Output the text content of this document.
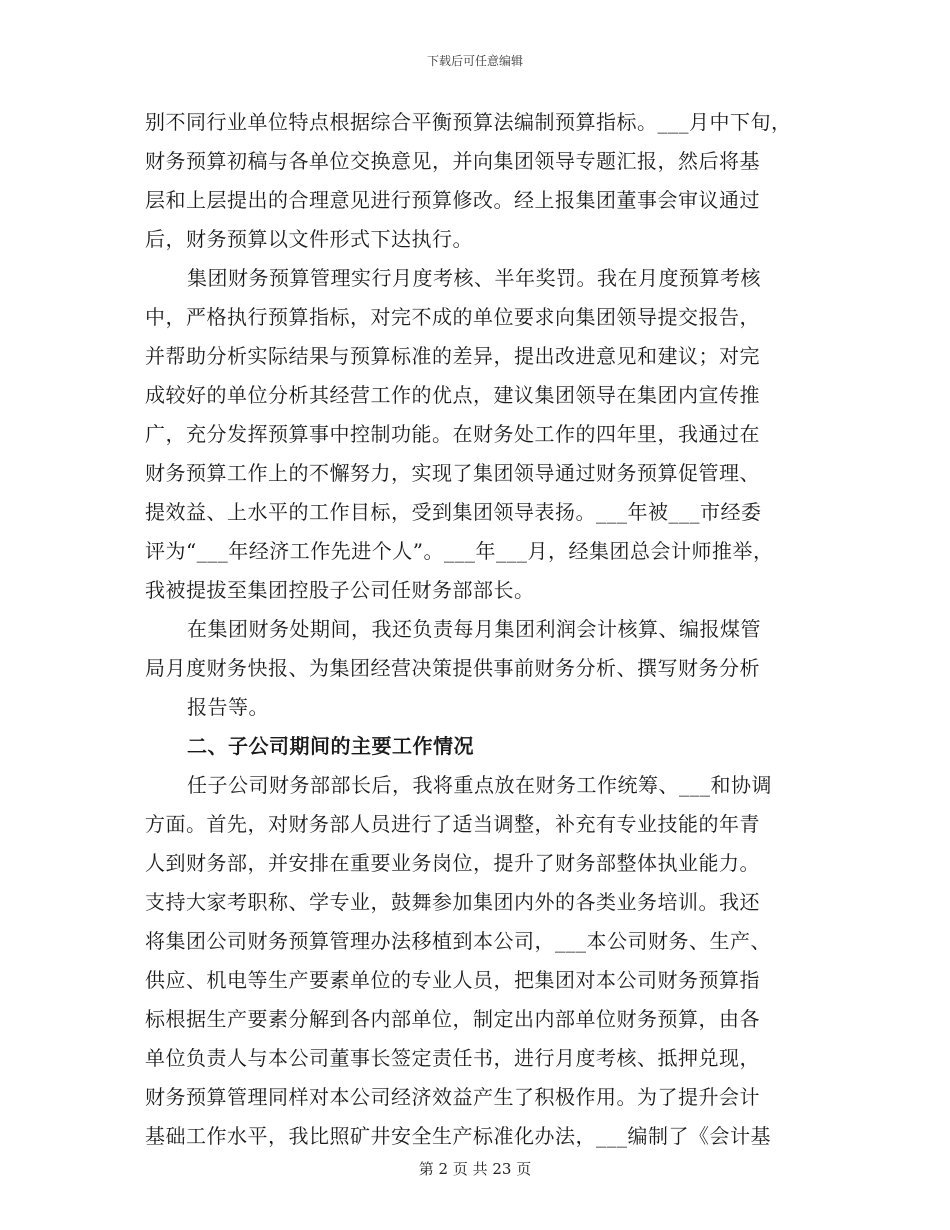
下载后可任意编辑
别不同行业单位特点根据综合平衡预算法编制预算指标。___月中下旬，
财务预算初稿与各单位交换意见，并向集团领导专题汇报，然后将基
层和上层提出的合理意见进行预算修改。经上报集团董事会审议通过
后，财务预算以文件形式下达执行。
集团财务预算管理实行月度考核、半年奖罚。我在月度预算考核
中，严格执行预算指标，对完不成的单位要求向集团领导提交报告，
并帮助分析实际结果与预算标准的差异，提出改进意见和建议；对完
成较好的单位分析其经营工作的优点，建议集团领导在集团内宣传推
广，充分发挥预算事中控制功能。在财务处工作的四年里，我通过在
财务预算工作上的不懈努力，实现了集团领导通过财务预算促管理、
提效益、上水平的工作目标，受到集团领导表扬。___年被___市经委
评为“___年经济工作先进个人”。___年___月，经集团总会计师推举，
我被提拔至集团控股子公司任财务部部长。
在集团财务处期间，我还负责每月集团利润会计核算、编报煤管
局月度财务快报、为集团经营决策提供事前财务分析、撰写财务分析
报告等。
二、子公司期间的主要工作情况
任子公司财务部部长后，我将重点放在财务工作统筹、___和协调
方面。首先，对财务部人员进行了适当调整，补充有专业技能的年青
人到财务部，并安排在重要业务岗位，提升了财务部整体执业能力。
支持大家考职称、学专业，鼓舞参加集团内外的各类业务培训。我还
将集团公司财务预算管理办法移植到本公司，___本公司财务、生产、
供应、机电等生产要素单位的专业人员，把集团对本公司财务预算指
标根据生产要素分解到各内部单位，制定出内部单位财务预算，由各
单位负责人与本公司董事长签定责任书，进行月度考核、抵押兑现，
财务预算管理同样对本公司经济效益产生了积极作用。为了提升会计
基础工作水平，我比照矿井安全生产标准化办法，___编制了《会计基
第 2 页 共 23 页
